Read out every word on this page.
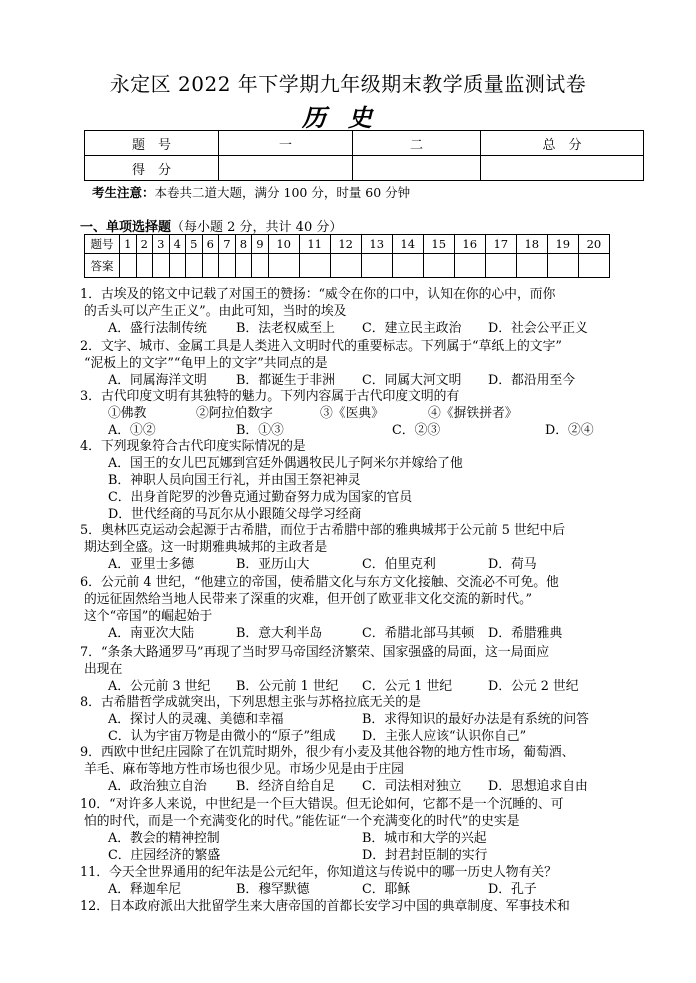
永定区 2022 年下学期九年级期末教学质量监测试卷
历史
题　号	一	二	总　分
得　分			
考生注意：本卷共二道大题，满分 100 分，时量 60 分钟
一、单项选择题（每小题 2 分，共计 40 分）
题号	1	2	3	4	5	6	7	8	9	10	11	12	13	14	15	16	17	18	19	20
答案																				
1．古埃及的铭文中记载了对国王的赞扬：“威令在你的口中，认知在你的心中，而你
的舌头可以产生正义”。由此可知，当时的埃及
A．盛行法制传统 B．法老权威至上 C．建立民主政治 D．社会公平正义
2．文字、城市、金属工具是人类进入文明时代的重要标志。下列属于“草纸上的文字”
“泥板上的文字”“龟甲上的文字”共同点的是
A．同属海洋文明 B．都诞生于非洲 C．同属大河文明 D．都沿用至今
3．古代印度文明有其独特的魅力。下列内容属于古代印度文明的有
①佛教	②阿拉伯数字	③《医典》	④《摒铁拼者》
A．①②	B．①③	C．②③	D．②④
4．下列现象符合古代印度实际情况的是
A．国王的女儿巴瓦娜到宫廷外偶遇牧民儿子阿米尔并嫁给了他
B．神职人员向国王行礼，并由国王祭祀神灵
C．出身首陀罗的沙鲁克通过勤奋努力成为国家的官员
D．世代经商的马瓦尔从小跟随父母学习经商
5．奥林匹克运动会起源于古希腊，而位于古希腊中部的雅典城邦于公元前 5 世纪中后
期达到全盛。这一时期雅典城邦的主政者是
A．亚里士多德	B．亚历山大	C．伯里克利	D．荷马
6．公元前 4 世纪，“他建立的帝国，使希腊文化与东方文化接触、交流必不可免。他
的远征固然给当地人民带来了深重的灾难，但开创了欧亚非文化交流的新时代。”
这个“帝国”的崛起始于
A．南亚次大陆	B．意大利半岛	C．希腊北部马其顿 D．希腊雅典
7．“条条大路通罗马”再现了当时罗马帝国经济繁荣、国家强盛的局面，这一局面应
出现在
A．公元前 3 世纪 B．公元前 1 世纪 C．公元 1 世纪	D．公元 2 世纪
8．古希腊哲学成就突出，下列思想主张与苏格拉底无关的是
A．探讨人的灵魂、美德和幸福	B．求得知识的最好办法是有系统的问答
C．认为宇宙万物是由微小的“原子”组成 D．主张人应该“认识你自己”
9．西欧中世纪庄园除了在饥荒时期外，很少有小麦及其他谷物的地方性市场，葡萄酒、
羊毛、麻布等地方性市场也很少见。市场少见是由于庄园
A．政治独立自治 B．经济自给自足 C．司法相对独立 D．思想追求自由
10．“对许多人来说，中世纪是一个巨大错误。但无论如何，它都不是一个沉睡的、可
怕的时代，而是一个充满变化的时代。”能佐证“一个充满变化的时代”的史实是
A．教会的精神控制	B．城市和大学的兴起
C．庄园经济的繁盛	D．封君封臣制的实行
11．今天全世界通用的纪年法是公元纪年，你知道这与传说中的哪一历史人物有关？
A．释迦牟尼	B．穆罕默德	C．耶稣	D．孔子
12．日本政府派出大批留学生来大唐帝国的首都长安学习中国的典章制度、军事技术和
